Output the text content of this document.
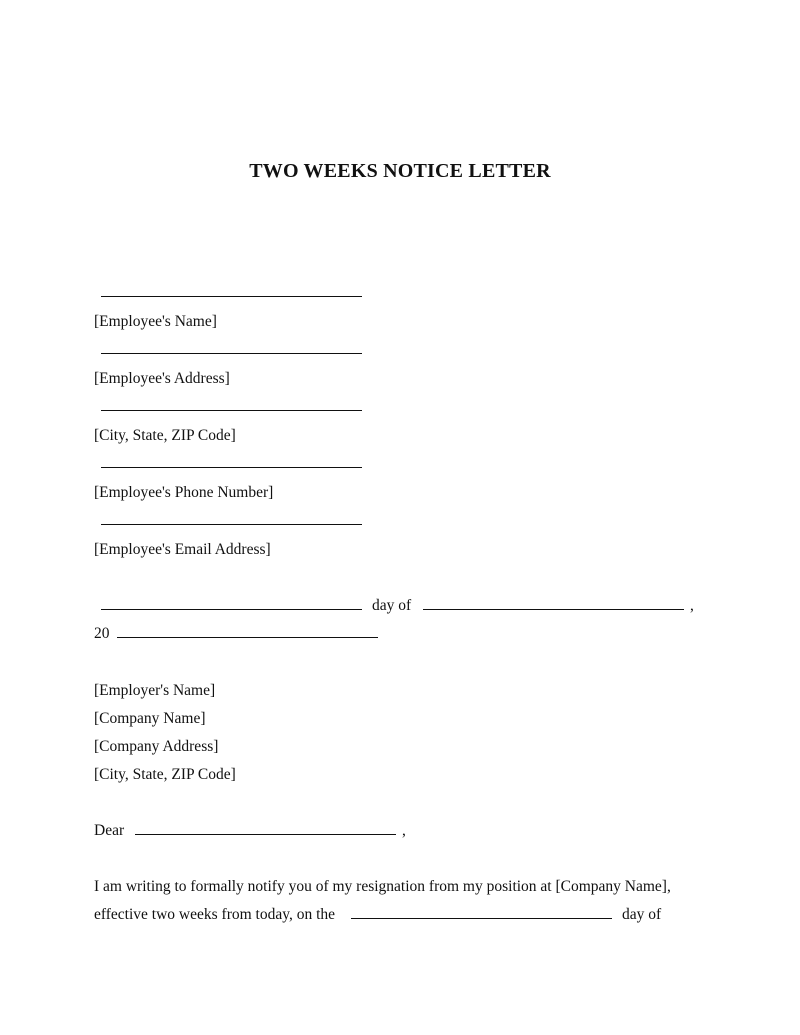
TWO WEEKS NOTICE LETTER
[Employee's Name]
[Employee's Address]
[City, State, ZIP Code]
[Employee's Phone Number]
[Employee's Email Address]
day of	,
20
[Employer's Name]
[Company Name]
[Company Address]
[City, State, ZIP Code]
Dear	,
I am writing to formally notify you of my resignation from my position at [Company Name],
effective two weeks from today, on the	day of
